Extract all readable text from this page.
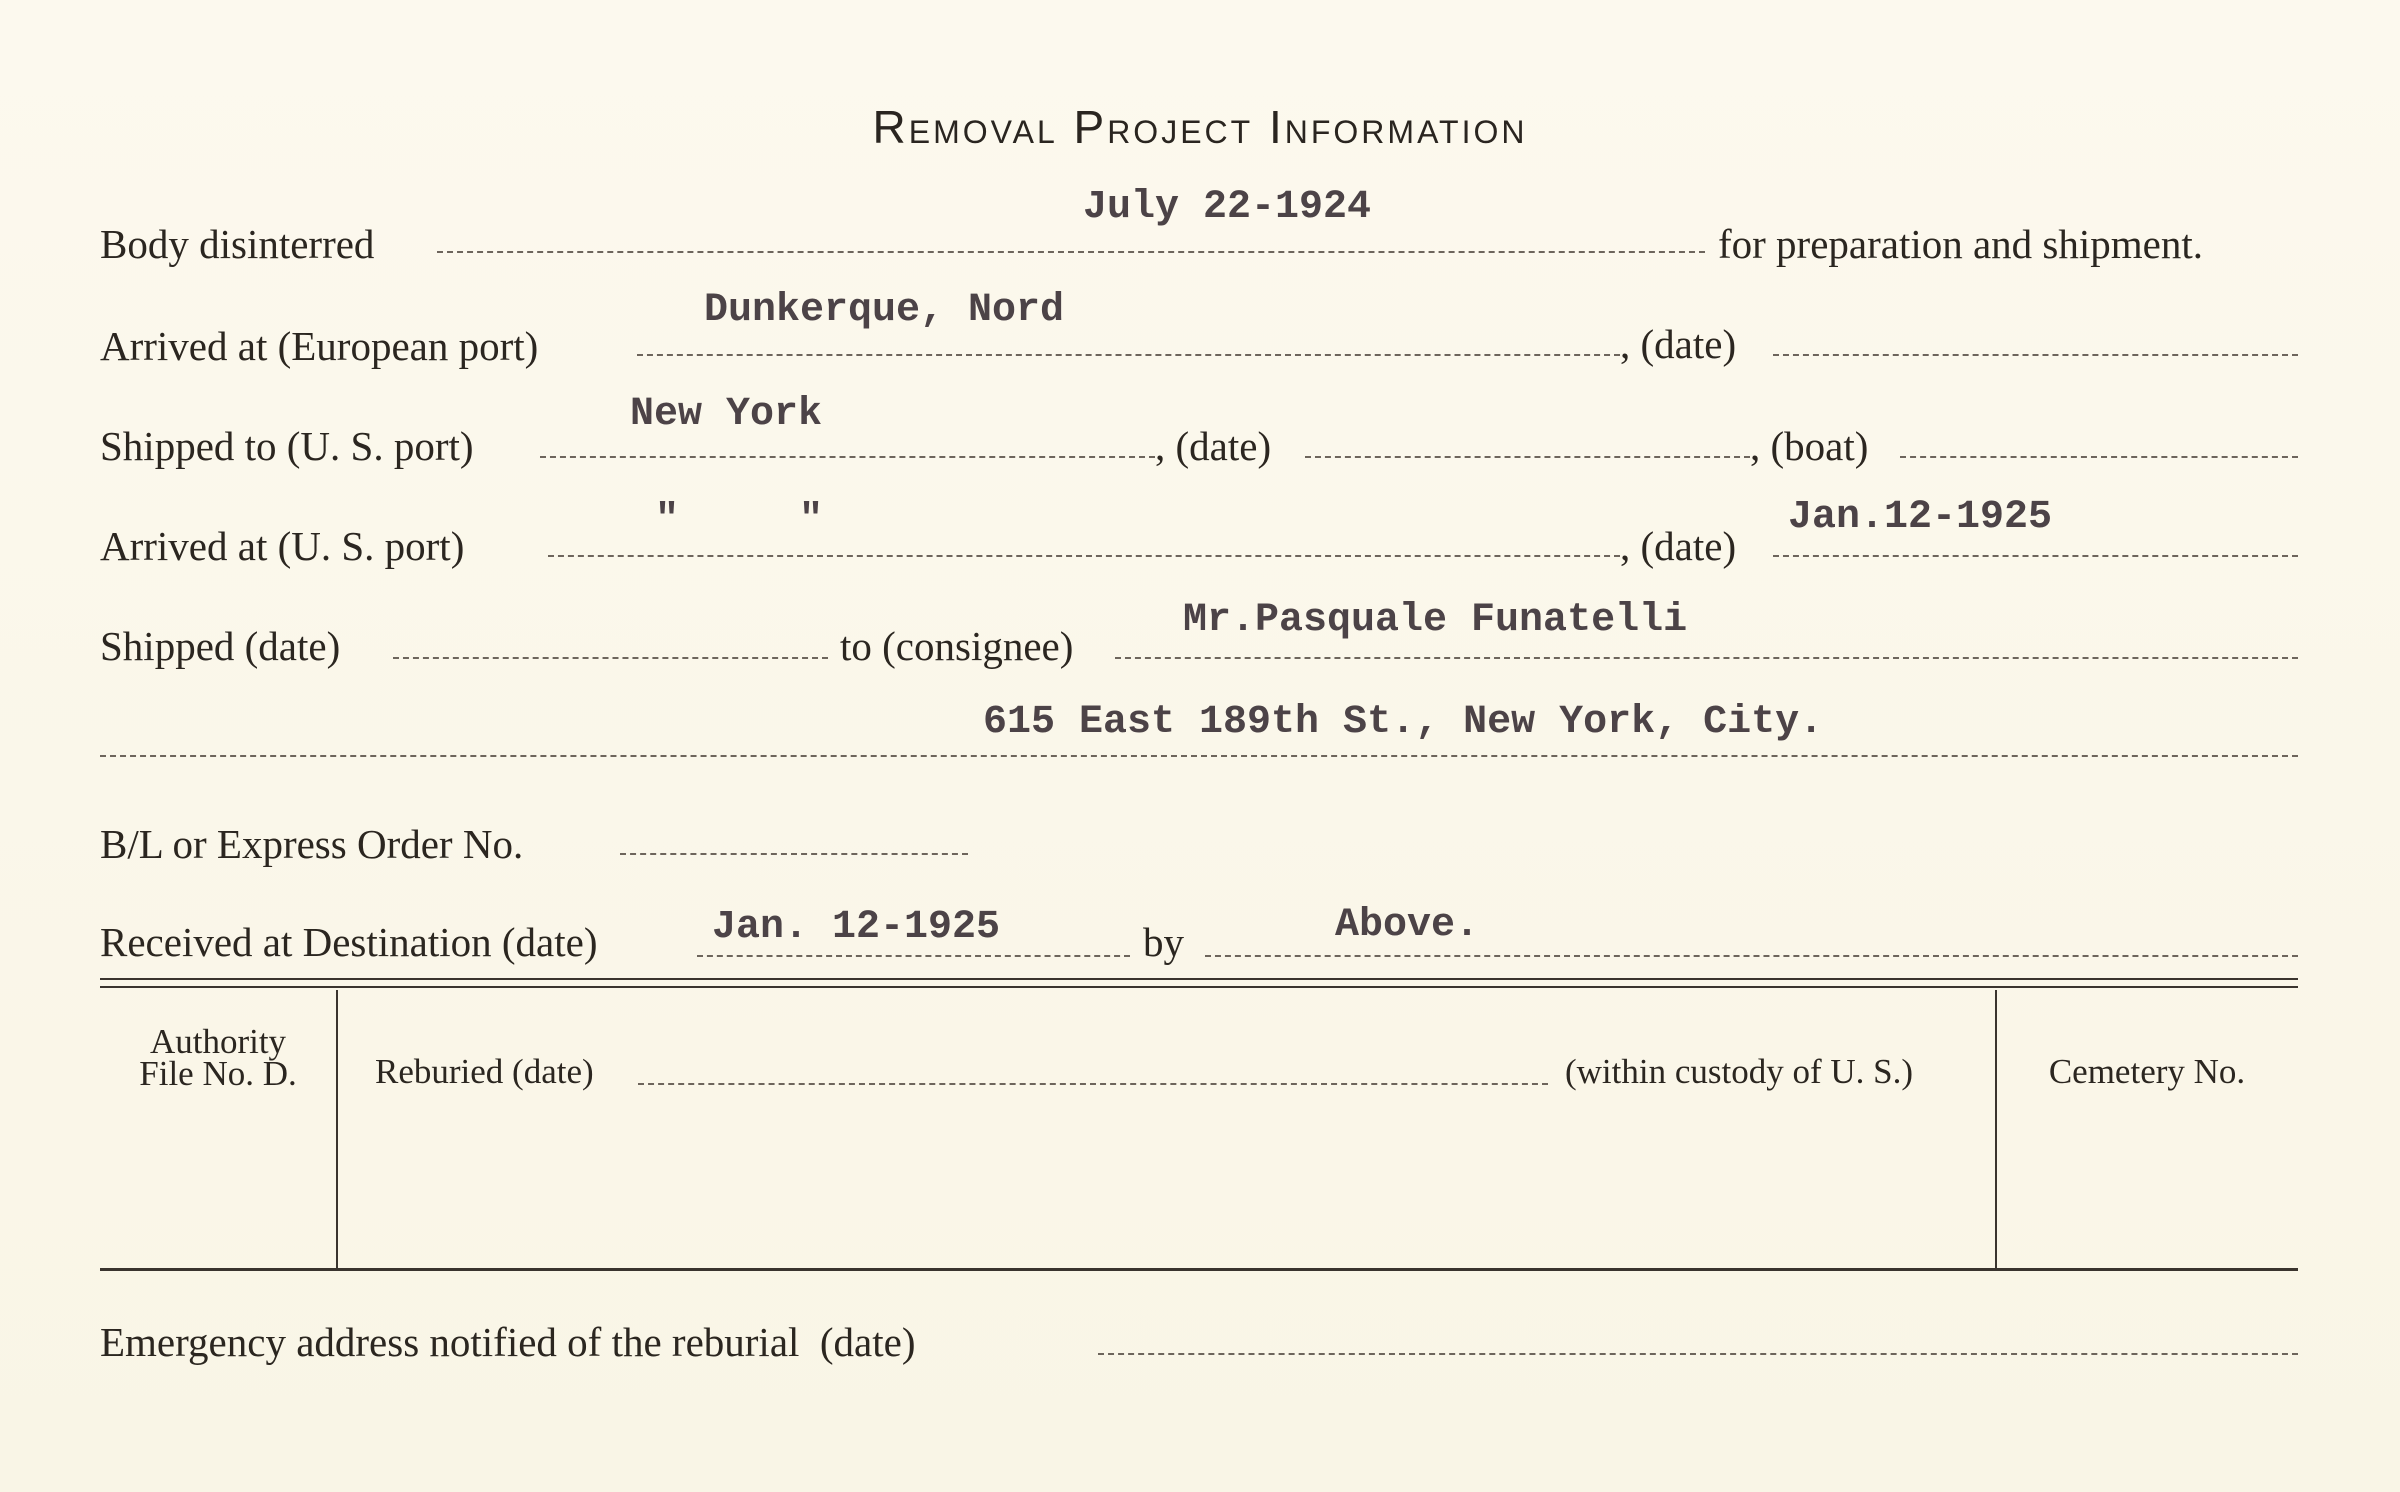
Removal Project Information
Body disinterred
July 22-1924
for preparation and shipment.
Arrived at (European port)
Dunkerque, Nord
, (date)
Shipped to (U. S. port)
New York
, (date)	, (boat)
Arrived at (U. S. port)
"     "
, (date)
Jan.12-1925
Shipped (date)	to (consignee)
Mr.Pasquale Funatelli
615 East 189th St., New York, City.
B/L or Express Order No.
Received at Destination (date)	Jan. 12-1925	by	Above.
Authority
File No. D.	Reburied (date)	(within custody of U. S.)	Cemetery No.
Emergency address notified of the reburial  (date)
